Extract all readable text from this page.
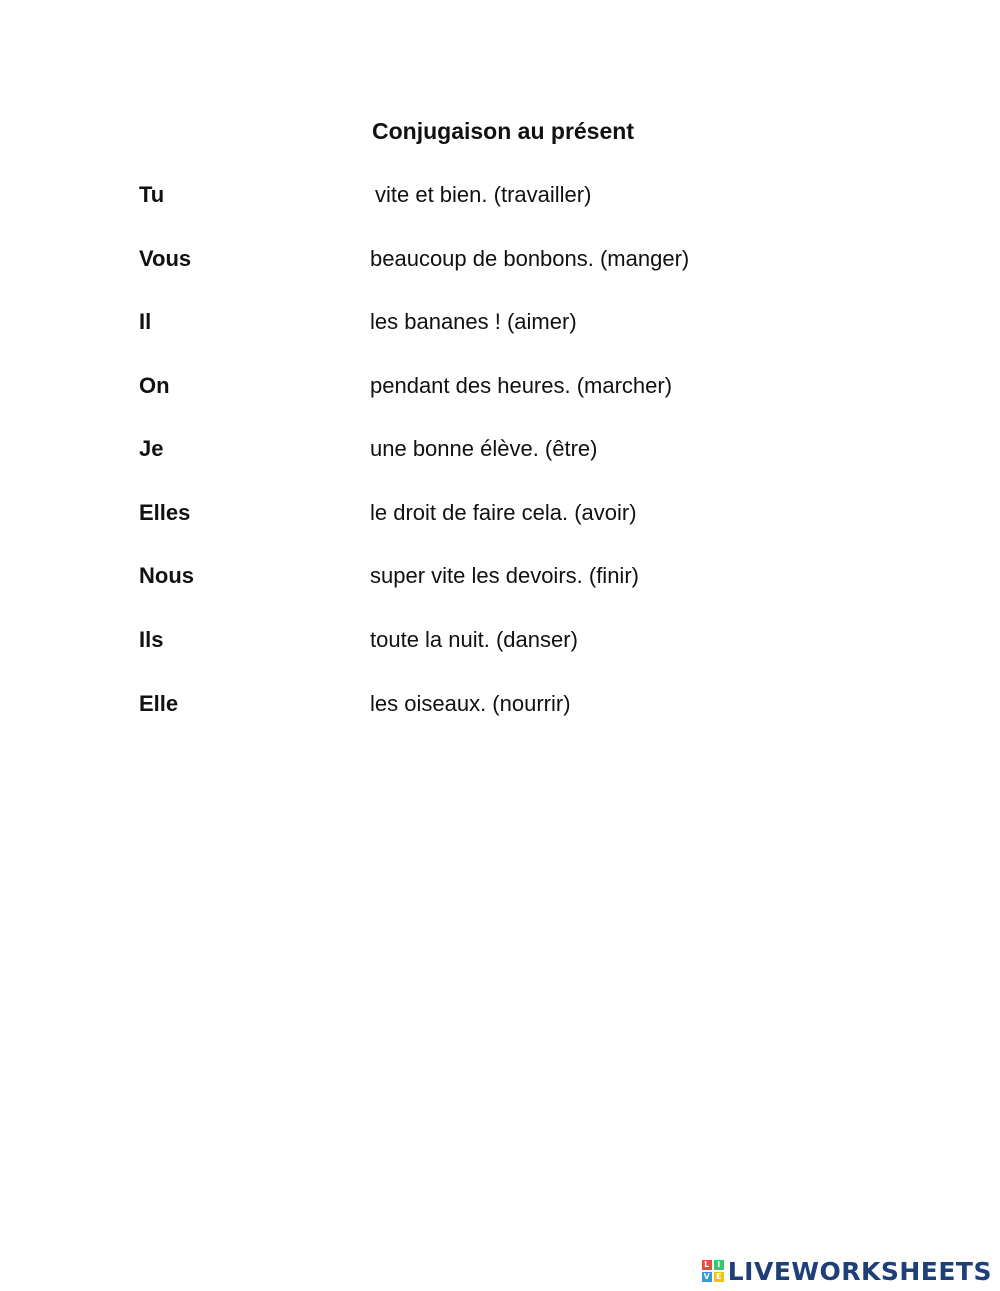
Conjugaison au présent
Tu	vite et bien. (travailler)
Vous	beaucoup de bonbons. (manger)
Il	les bananes ! (aimer)
On	pendant des heures. (marcher)
Je	une bonne élève. (être)
Elles	le droit de faire cela. (avoir)
Nous	super vite les devoirs. (finir)
Ils	toute la nuit. (danser)
Elle	les oiseaux. (nourrir)
L I
V E LIVEWORKSHEETS
